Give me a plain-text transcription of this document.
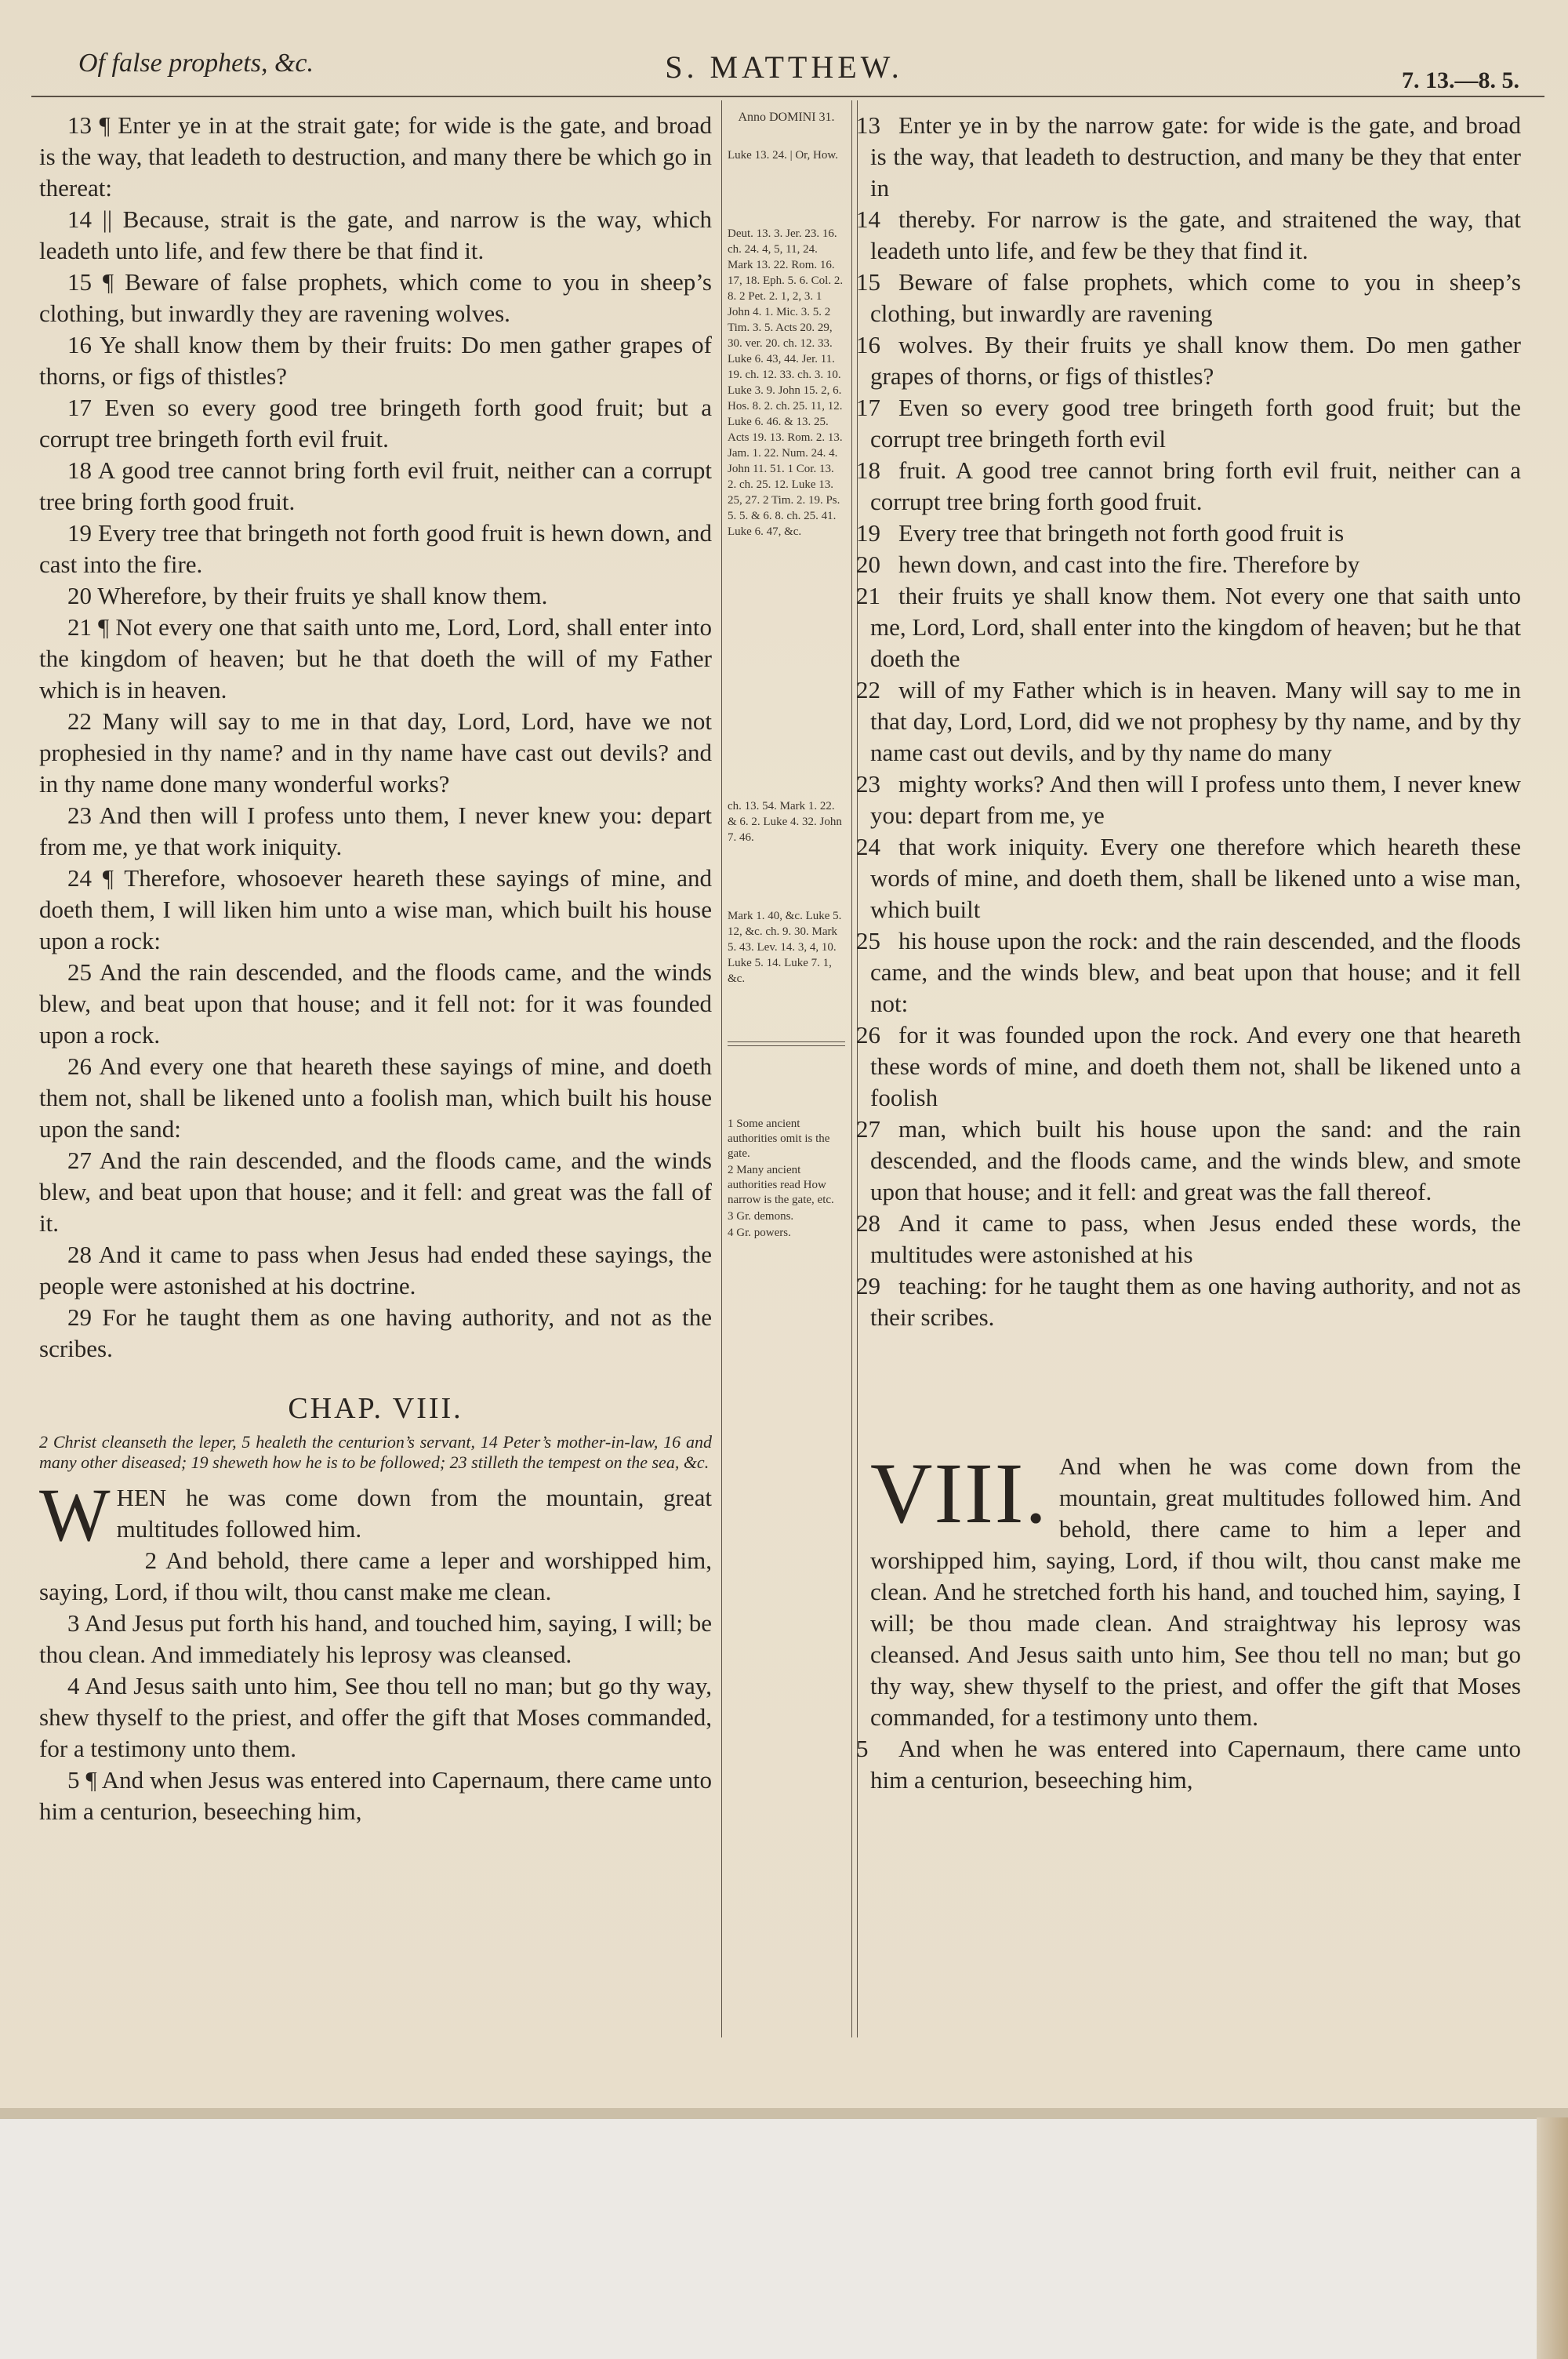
Of false prophets, &c.	S. MATTHEW.	7. 13.—8. 5.

13 ¶ Enter ye in at the strait gate; for wide is the gate, and broad is the way, that leadeth to destruction, and many there be which go in thereat:

14 || Because, strait is the gate, and narrow is the way, which leadeth unto life, and few there be that find it.

15 ¶ Beware of false prophets, which come to you in sheep’s clothing, but inwardly they are ravening wolves.

16 Ye shall know them by their fruits: Do men gather grapes of thorns, or figs of thistles?

17 Even so every good tree bringeth forth good fruit; but a corrupt tree bringeth forth evil fruit.

18 A good tree cannot bring forth evil fruit, neither can a corrupt tree bring forth good fruit.

19 Every tree that bringeth not forth good fruit is hewn down, and cast into the fire.

20 Wherefore, by their fruits ye shall know them.

21 ¶ Not every one that saith unto me, Lord, Lord, shall enter into the kingdom of heaven; but he that doeth the will of my Father which is in heaven.

22 Many will say to me in that day, Lord, Lord, have we not prophesied in thy name? and in thy name have cast out devils? and in thy name done many wonderful works?

23 And then will I profess unto them, I never knew you: depart from me, ye that work iniquity.

24 ¶ Therefore, whosoever heareth these sayings of mine, and doeth them, I will liken him unto a wise man, which built his house upon a rock:

25 And the rain descended, and the floods came, and the winds blew, and beat upon that house; and it fell not: for it was founded upon a rock.

26 And every one that heareth these sayings of mine, and doeth them not, shall be likened unto a foolish man, which built his house upon the sand:

27 And the rain descended, and the floods came, and the winds blew, and beat upon that house; and it fell: and great was the fall of it.

28 And it came to pass when Jesus had ended these sayings, the people were astonished at his doctrine.

29 For he taught them as one having authority, and not as the scribes.

CHAP. VIII.

2 Christ cleanseth the leper, 5 healeth the centurion’s servant, 14 Peter’s mother-in-law, 16 and many other diseased; 19 sheweth how he is to be followed; 23 stilleth the tempest on the sea, &c.

W HEN he was come down from the mountain, great multitudes followed him.

2 And behold, there came a leper and worshipped him, saying, Lord, if thou wilt, thou canst make me clean.

3 And Jesus put forth his hand, and touched him, saying, I will; be thou clean. And immediately his leprosy was cleansed.

4 And Jesus saith unto him, See thou tell no man; but go thy way, shew thyself to the priest, and offer the gift that Moses commanded, for a testimony unto them.

5 ¶ And when Jesus was entered into Capernaum, there came unto him a centurion, beseeching him,

Anno DOMINI 31.

Luke 13. 24. | Or, How.

Deut. 13. 3. Jer. 23. 16. ch. 24. 4, 5, 11, 24. Mark 13. 22. Rom. 16. 17, 18. Eph. 5. 6. Col. 2. 8. 2 Pet. 2. 1, 2, 3. 1 John 4. 1. Mic. 3. 5. 2 Tim. 3. 5. Acts 20. 29, 30. ver. 20. ch. 12. 33. Luke 6. 43, 44. Jer. 11. 19. ch. 12. 33. ch. 3. 10. Luke 3. 9. John 15. 2, 6. Hos. 8. 2. ch. 25. 11, 12. Luke 6. 46. & 13. 25. Acts 19. 13. Rom. 2. 13. Jam. 1. 22. Num. 24. 4. John 11. 51. 1 Cor. 13. 2. ch. 25. 12. Luke 13. 25, 27. 2 Tim. 2. 19. Ps. 5. 5. & 6. 8. ch. 25. 41. Luke 6. 47, &c.

ch. 13. 54. Mark 1. 22. & 6. 2. Luke 4. 32. John 7. 46.

Mark 1. 40, &c. Luke 5. 12, &c. ch. 9. 30. Mark 5. 43. Lev. 14. 3, 4, 10. Luke 5. 14. Luke 7. 1, &c.

1 Some ancient authorities omit is the gate.

2 Many ancient authorities read How narrow is the gate, etc.

3 Gr. demons.

4 Gr. powers.

13 Enter ye in by the narrow gate: for wide is the gate, and broad is the way, that leadeth to destruction, and many be they that enter in

14 thereby. For narrow is the gate, and straitened the way, that leadeth unto life, and few be they that find it.

15 Beware of false prophets, which come to you in sheep’s clothing, but inwardly are ravening

16 wolves. By their fruits ye shall know them. Do men gather grapes of thorns, or figs of thistles?

17 Even so every good tree bringeth forth good fruit; but the corrupt tree bringeth forth evil

18 fruit. A good tree cannot bring forth evil fruit, neither can a corrupt tree bring forth good fruit.

19 Every tree that bringeth not forth good fruit is

20 hewn down, and cast into the fire. Therefore by

21 their fruits ye shall know them. Not every one that saith unto me, Lord, Lord, shall enter into the kingdom of heaven; but he that doeth the

22 will of my Father which is in heaven. Many will say to me in that day, Lord, Lord, did we not prophesy by thy name, and by thy name cast out devils, and by thy name do many

23 mighty works? And then will I profess unto them, I never knew you: depart from me, ye

24 that work iniquity. Every one therefore which heareth these words of mine, and doeth them, shall be likened unto a wise man, which built

25 his house upon the rock: and the rain descended, and the floods came, and the winds blew, and beat upon that house; and it fell not:

26 for it was founded upon the rock. And every one that heareth these words of mine, and doeth them not, shall be likened unto a foolish

27 man, which built his house upon the sand: and the rain descended, and the floods came, and the winds blew, and smote upon that house; and it fell: and great was the fall thereof.

28 And it came to pass, when Jesus ended these words, the multitudes were astonished at his

29 teaching: for he taught them as one having authority, and not as their scribes.

VIII. And when he was come down from the mountain, great multitudes followed him. And behold, there came to him a leper and worshipped him, saying, Lord, if thou wilt, thou canst make me clean. And he stretched forth his hand, and touched him, saying, I will; be thou made clean. And straightway his leprosy was cleansed. And Jesus saith unto him, See thou tell no man; but go thy way, shew thyself to the priest, and offer the gift that Moses commanded, for a testimony unto them.

5 And when he was entered into Capernaum, there came unto him a centurion, beseeching him,
